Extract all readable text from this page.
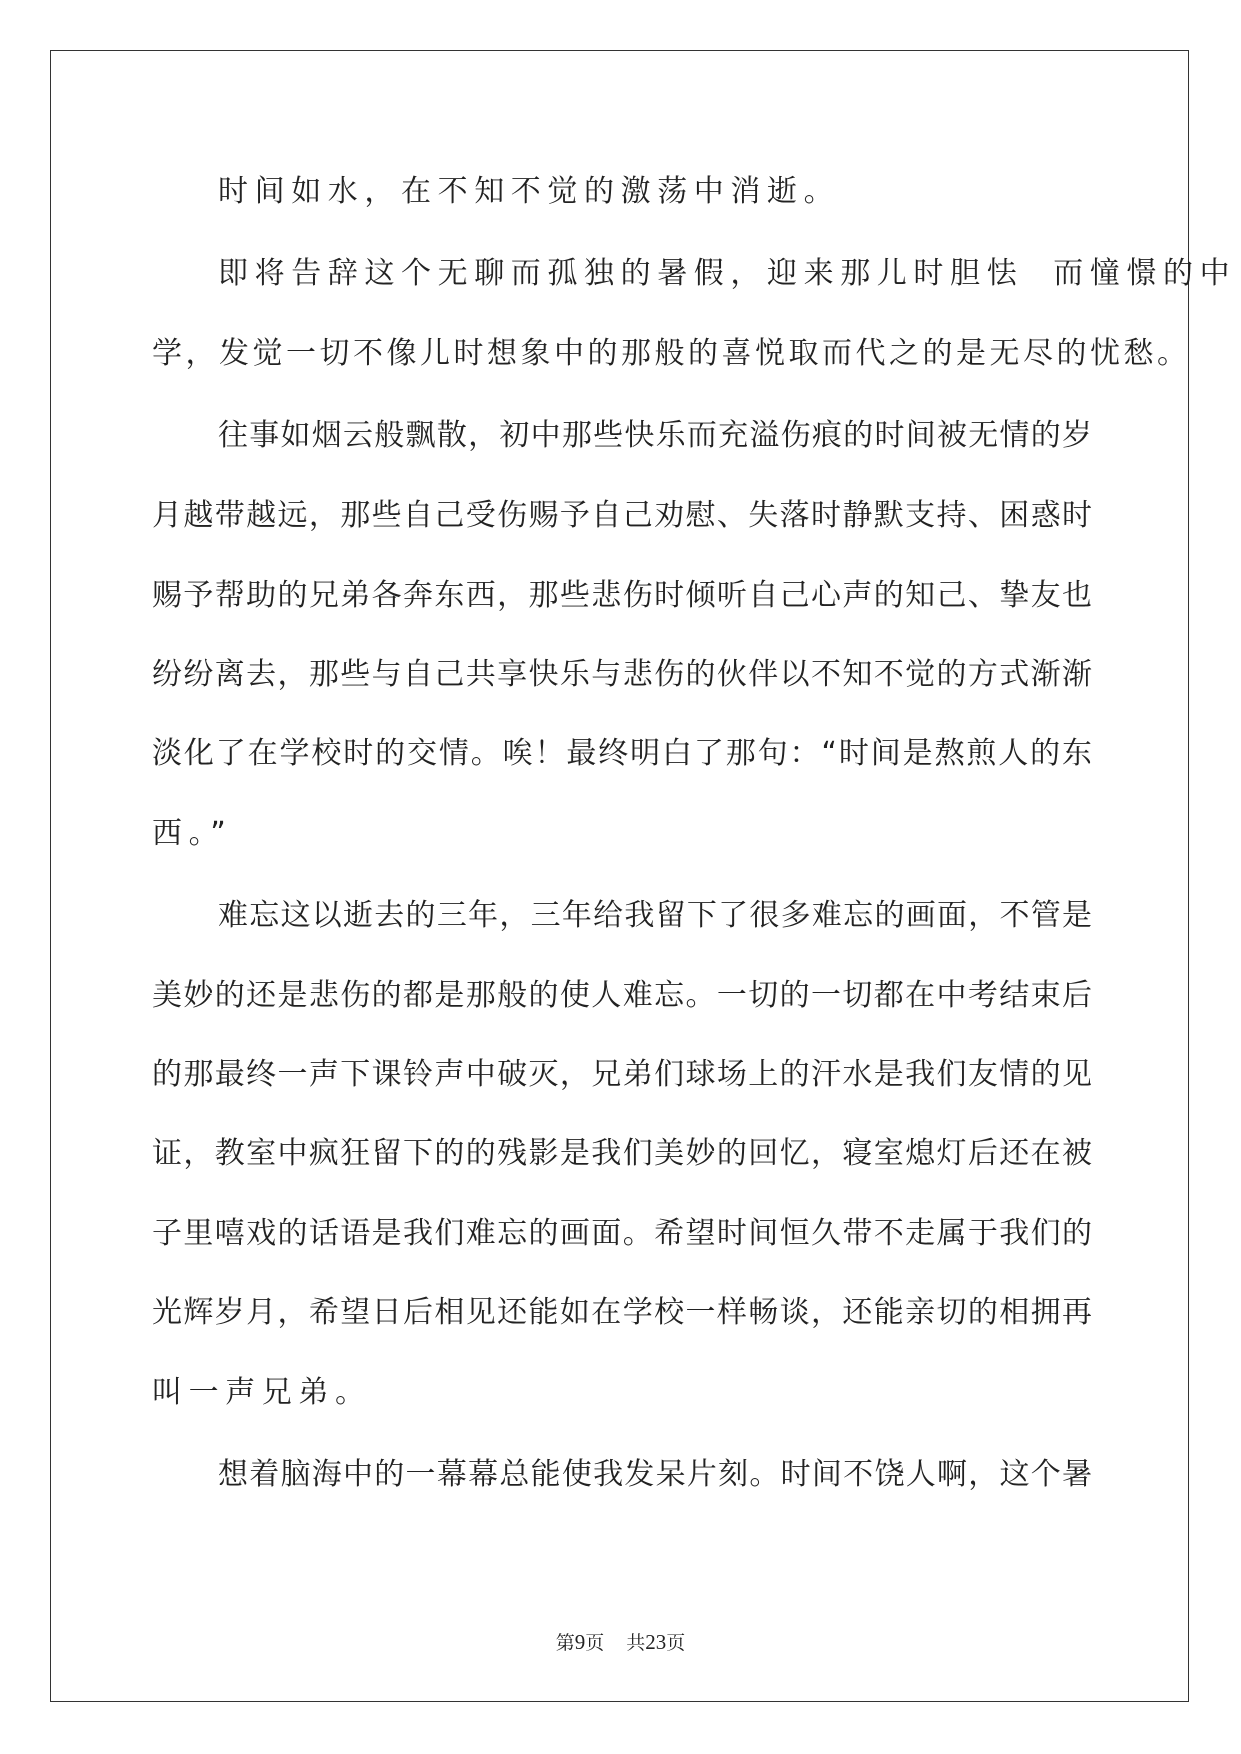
时间如水，在不知不觉的激荡中消逝。
即将告辞这个无聊而孤独的暑假，迎来那儿时胆怯 而憧憬的中
学，发觉一切不像儿时想象中的那般的喜悦取而代之的是无尽的忧愁。
往事如烟云般飘散，初中那些快乐而充溢伤痕的时间被无情的岁
月越带越远，那些自己受伤赐予自己劝慰、失落时静默支持、困惑时
赐予帮助的兄弟各奔东西，那些悲伤时倾听自己心声的知己、挚友也
纷纷离去，那些与自己共享快乐与悲伤的伙伴以不知不觉的方式渐渐
淡化了在学校时的交情。唉！最终明白了那句：“时间是熬煎人的东
西。”
难忘这以逝去的三年，三年给我留下了很多难忘的画面，不管是
美妙的还是悲伤的都是那般的使人难忘。一切的一切都在中考结束后
的那最终一声下课铃声中破灭，兄弟们球场上的汗水是我们友情的见
证，教室中疯狂留下的的残影是我们美妙的回忆，寝室熄灯后还在被
子里嘻戏的话语是我们难忘的画面。希望时间恒久带不走属于我们的
光辉岁月，希望日后相见还能如在学校一样畅谈，还能亲切的相拥再
叫一声兄弟。
想着脑海中的一幕幕总能使我发呆片刻。时间不饶人啊，这个暑
第9页 共23页
